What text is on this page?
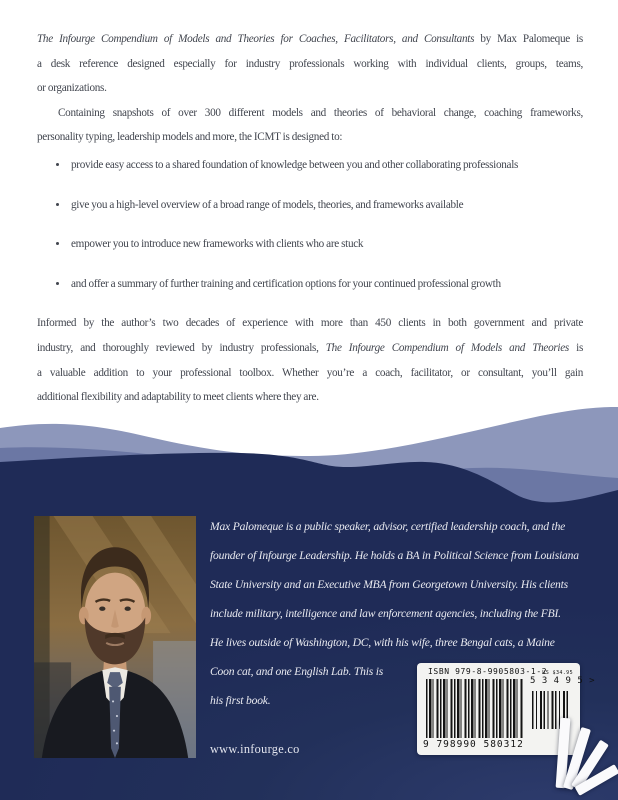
The Infourge Compendium of Models and Theories for Coaches, Facilitators, and Consultants by Max Palomeque is
a desk reference designed especially for industry professionals working with individual clients, groups, teams,
or organizations.
Containing snapshots of over 300 different models and theories of behavioral change, coaching frameworks,
personality typing, leadership models and more, the ICMT is designed to:
• provide easy access to a shared foundation of knowledge between you and other collaborating professionals
• give you a high-level overview of a broad range of models, theories, and frameworks available
• empower you to introduce new frameworks with clients who are stuck
• and offer a summary of further training and certification options for your continued professional growth
Informed by the author’s two decades of experience with more than 450 clients in both government and private
industry, and thoroughly reviewed by industry professionals, The Infourge Compendium of Models and Theories is
a valuable addition to your professional toolbox. Whether you’re a coach, facilitator, or consultant, you’ll gain
additional flexibility and adaptability to meet clients where they are.
Max Palomeque is a public speaker, advisor, certified leadership coach, and the
founder of Infourge Leadership. He holds a BA in Political Science from Louisiana
State University and an Executive MBA from Georgetown University. His clients
include military, intelligence and law enforcement agencies, including the FBI.
He lives outside of Washington, DC, with his wife, three Bengal cats, a Maine
Coon cat, and one English Lab. This is
his first book.
www.infourge.co
ISBN 979-8-9905803-1-2
9 798990 580312
US $34.95
5 3 4 9 5 >
